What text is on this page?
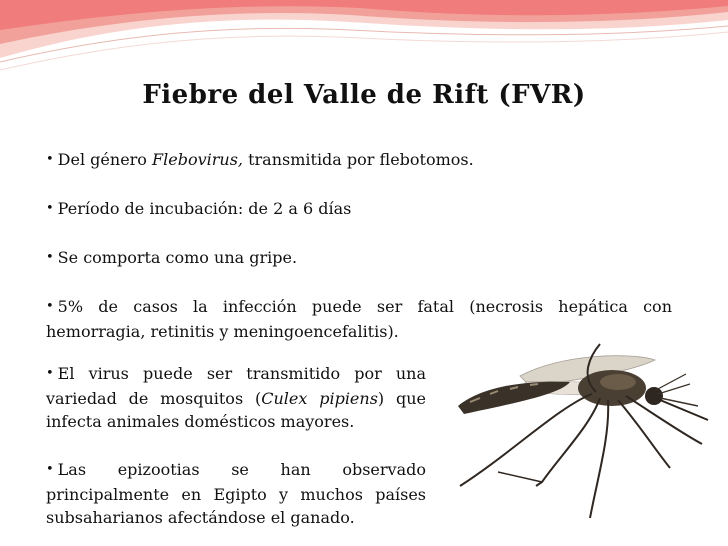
Fiebre del Valle de Rift (FVR)
• Del género Flebovirus, transmitida por flebotomos.
• Período de incubación: de 2 a 6 días
• Se comporta como una gripe.
• 5% de casos la infección puede ser fatal (necrosis hepática con hemorragia, retinitis y meningoencefalitis).
• El virus puede ser transmitido por una variedad de mosquitos (Culex pipiens) que infecta animales domésticos mayores.
• Las epizootias se han observado principalmente en Egipto y muchos países subsaharianos afectándose el ganado.
